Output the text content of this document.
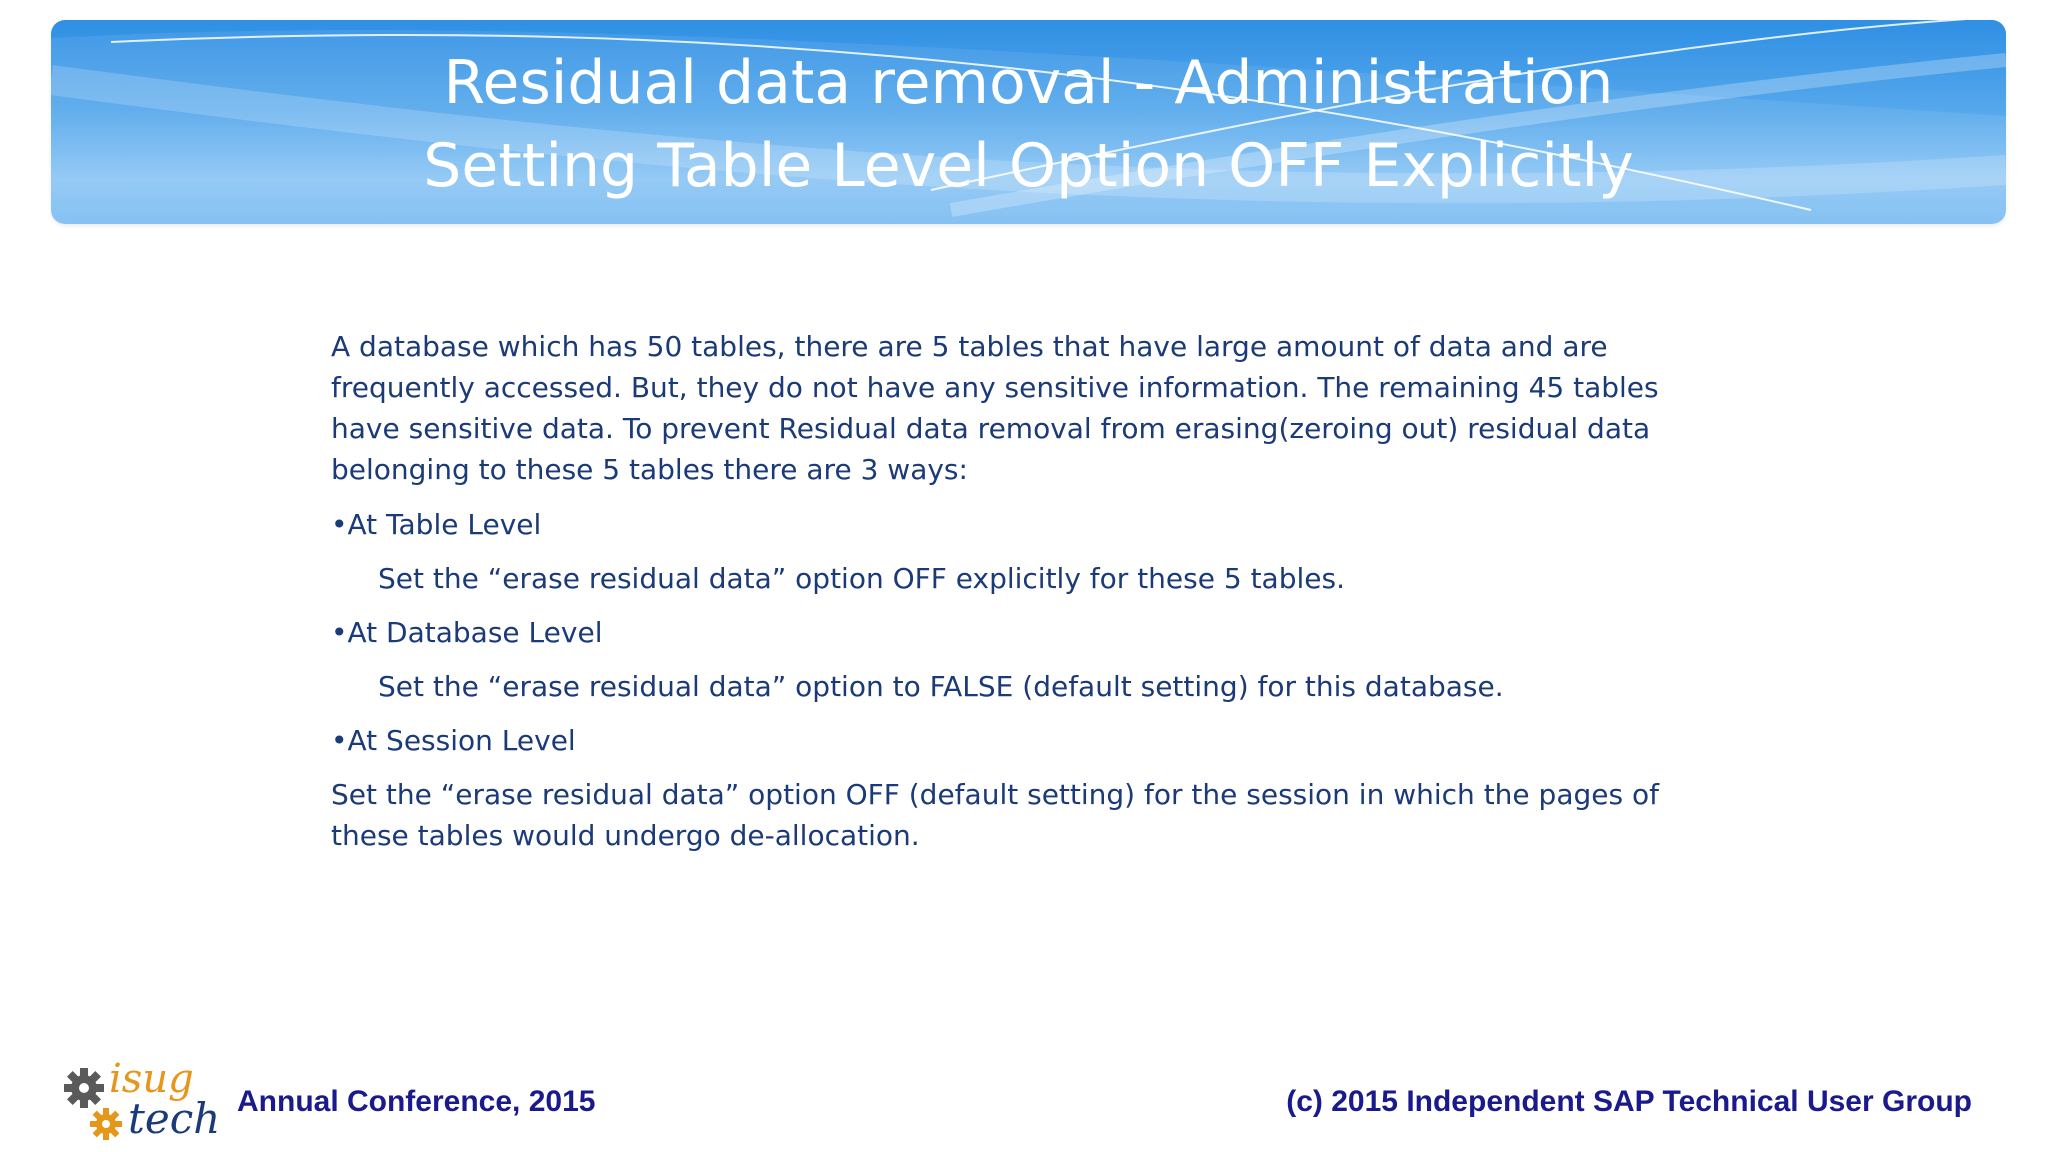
Residual data removal - Administration
Setting Table Level Option OFF Explicitly

A database which has 50 tables, there are 5 tables that have large amount of data and are frequently accessed. But, they do not have any sensitive information. The remaining 45 tables have sensitive data. To prevent Residual data removal from erasing(zeroing out) residual data belonging to these 5 tables there are 3 ways:

•At Table Level

Set the “erase residual data” option OFF explicitly for these 5 tables.

•At Database Level

Set the “erase residual data” option to FALSE (default setting) for this database.

•At Session Level

Set the “erase residual data” option OFF (default setting) for the session in which the pages of these tables would undergo de-allocation.

isug
tech Annual Conference, 2015	(c) 2015 Independent SAP Technical User Group
